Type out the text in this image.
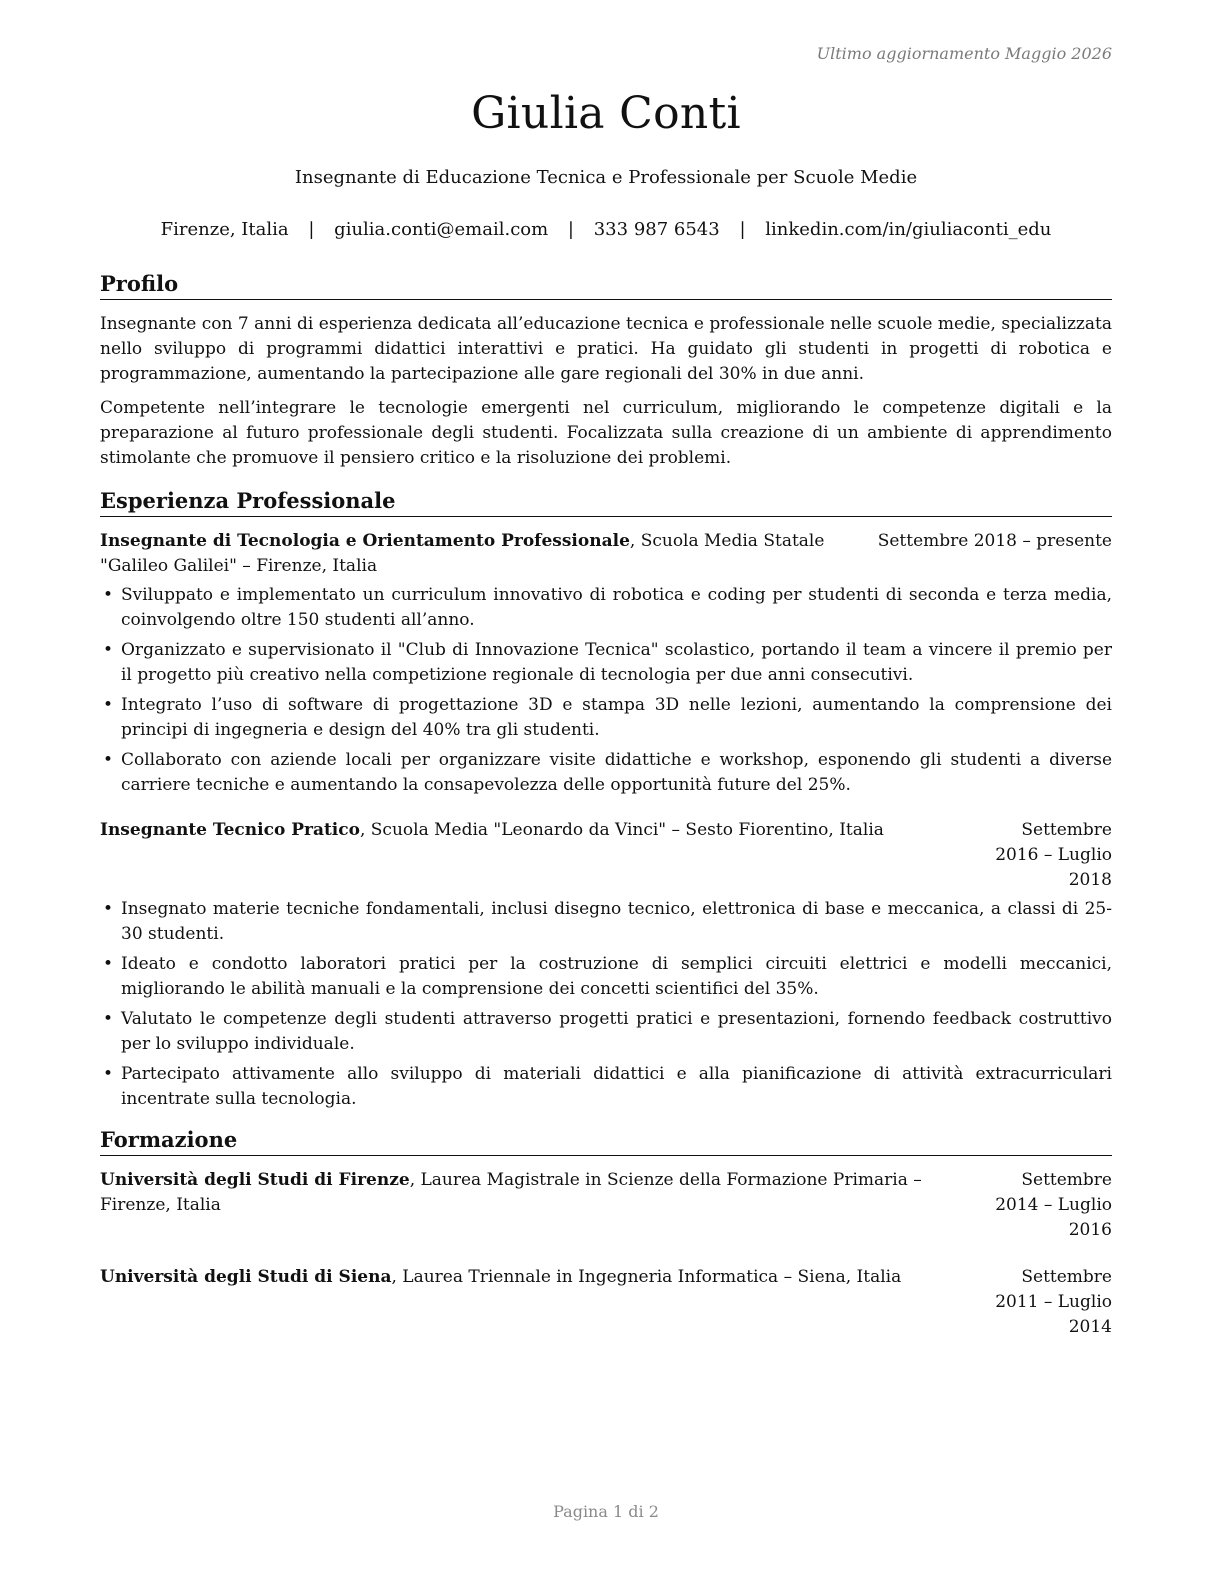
Ultimo aggiornamento Maggio 2026
Giulia Conti
Insegnante di Educazione Tecnica e Professionale per Scuole Medie
Firenze, Italia | giulia.conti@email.com | 333 987 6543 | linkedin.com/in/giuliaconti_edu
Profilo

Insegnante con 7 anni di esperienza dedicata all’educazione tecnica e professionale nelle scuole medie, specializzata nello sviluppo di programmi didattici interattivi e pratici. Ha guidato gli studenti in progetti di robotica e programmazione, aumentando la partecipazione alle gare regionali del 30% in due anni.

Competente nell’integrare le tecnologie emergenti nel curriculum, migliorando le competenze digitali e la preparazione al futuro professionale degli studenti. Focalizzata sulla creazione di un ambiente di apprendimento stimolante che promuove il pensiero critico e la risoluzione dei problemi.

Esperienza Professionale
Insegnante di Tecnologia e Orientamento Professionale, Scuola Media Statale "Galileo Galilei" – Firenze, Italia
Settembre 2018 – presente
• Sviluppato e implementato un curriculum innovativo di robotica e coding per studenti di seconda e terza media, coinvolgendo oltre 150 studenti all’anno.
• Organizzato e supervisionato il "Club di Innovazione Tecnica" scolastico, portando il team a vincere il premio per il progetto più creativo nella competizione regionale di tecnologia per due anni consecutivi.
• Integrato l’uso di software di progettazione 3D e stampa 3D nelle lezioni, aumentando la comprensione dei principi di ingegneria e design del 40% tra gli studenti.
• Collaborato con aziende locali per organizzare visite didattiche e workshop, esponendo gli studenti a diverse carriere tecniche e aumentando la consapevolezza delle opportunità future del 25%.
Insegnante Tecnico Pratico, Scuola Media "Leonardo da Vinci" – Sesto Fiorentino, Italia	Settembre 2016 – Luglio 2018
• Insegnato materie tecniche fondamentali, inclusi disegno tecnico, elettronica di base e meccanica, a classi di 25-30 studenti.
• Ideato e condotto laboratori pratici per la costruzione di semplici circuiti elettrici e modelli meccanici, migliorando le abilità manuali e la comprensione dei concetti scientifici del 35%.
• Valutato le competenze degli studenti attraverso progetti pratici e presentazioni, fornendo feedback costruttivo per lo sviluppo individuale.
• Partecipato attivamente allo sviluppo di materiali didattici e alla pianificazione di attività extracurriculari incentrate sulla tecnologia.
Formazione
Università degli Studi di Firenze, Laurea Magistrale in Scienze della Formazione Primaria – Firenze, Italia
Settembre 2014 – Luglio 2016
Università degli Studi di Siena, Laurea Triennale in Ingegneria Informatica – Siena, Italia	Settembre 2011 – Luglio 2014
Pagina 1 di 2
